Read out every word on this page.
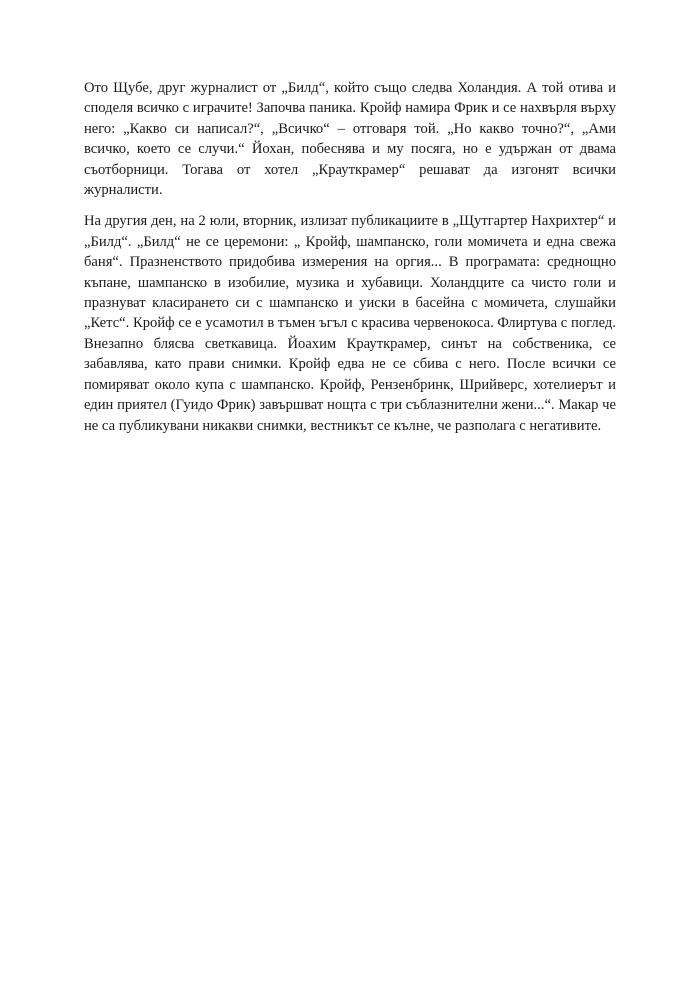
Ото Щубе, друг журналист от „Билд“, който също следва Холандия. А той отива и споделя всичко с играчите! Започва паника. Кройф намира Фрик и се нахвърля върху него: „Какво си написал?“, „Всичко“ – отговаря той. „Но какво точно?“, „Ами всичко, което се случи.“ Йохан, побеснява и му посяга, но е удържан от двама съотборници. Тогава от хотел „Крауткрамер“ решават да изгонят всички журналисти.

На другия ден, на 2 юли, вторник, излизат публикациите в „Щутгартер Нахрихтер“ и „Билд“. „Билд“ не се церемони: „ Кройф, шампанско, голи момичета и една свежа баня“. Празненството придобива измерения на оргия... В програмата: среднощно къпане, шампанско в изобилие, музика и хубавици. Холандците са чисто голи и празнуват класирането си с шампанско и уиски в басейна с момичета, слушайки „Кетс“. Кройф се е усамотил в тъмен ъгъл с красива червенокоса. Флиртува с поглед. Внезапно блясва светкавица. Йоахим Крауткрамер, синът на собственика, се забавлява, като прави снимки. Кройф едва не се сбива с него. После всички се помиряват около купа с шампанско. Кройф, Рензенбринк, Шрийверс, хотелиерът и един приятел (Гуидо Фрик) завършват нощта с три съблазнителни жени...“. Макар че не са публикувани никакви снимки, вестникът се кълне, че разполага с негативите.
